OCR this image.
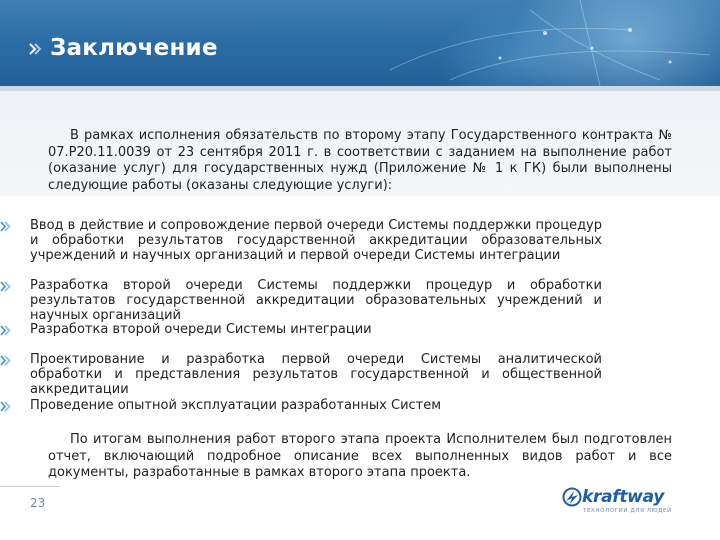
Заключение

В рамках исполнения обязательств по второму этапу Государственного контракта № 07.Р20.11.0039 от 23 сентября 2011 г. в соответствии с заданием на выполнение работ (оказание услуг) для государственных нужд (Приложение № 1 к ГК) были выполнены следующие работы (оказаны следующие услуги):

Ввод в действие и сопровождение первой очереди Системы поддержки процедур и обработки результатов государственной аккредитации образовательных учреждений и научных организаций и первой очереди Системы интеграции

Разработка второй очереди Системы поддержки процедур и обработки результатов государственной аккредитации образовательных учреждений и научных организаций

Разработка второй очереди Системы интеграции

Проектирование и разработка первой очереди Системы аналитической обработки и представления результатов государственной и общественной аккредитации

Проведение опытной эксплуатации разработанных Систем

По итогам выполнения работ второго этапа проекта Исполнителем был подготовлен отчет, включающий подробное описание всех выполненных видов работ и все документы, разработанные в рамках второго этапа проекта.

23	kraftway
ТЕХНОЛОГИИ ДЛЯ ЛЮДЕЙ
